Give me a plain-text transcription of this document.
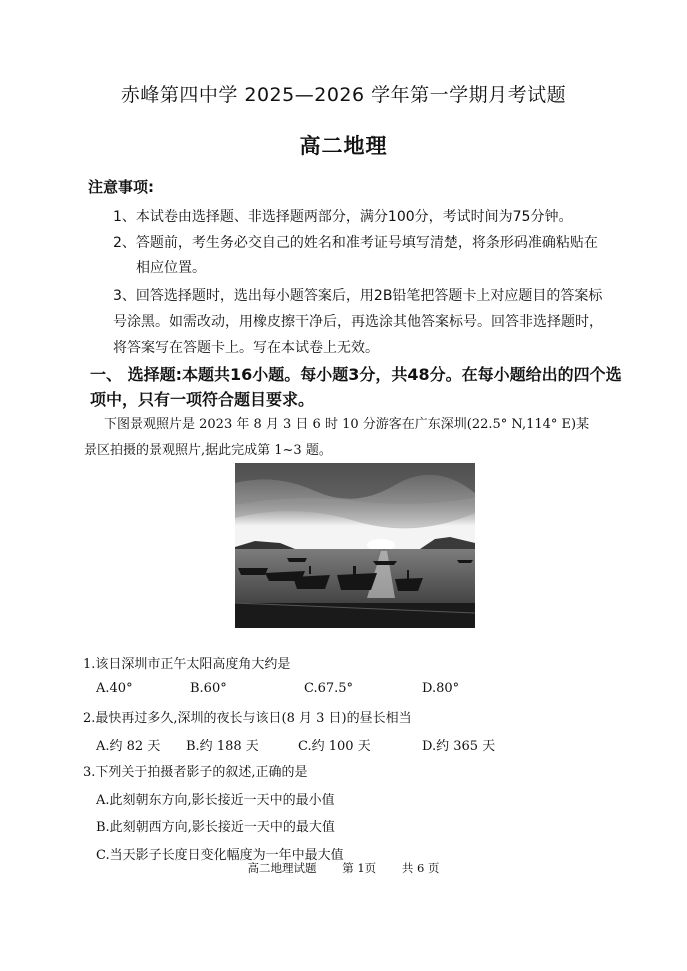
赤峰第四中学 2025—2026 学年第一学期月考试题
高二地理
注意事项:
1、本试卷由选择题、非选择题两部分，满分100分，考试时间为75分钟。
2、答题前，考生务必交自己的姓名和准考证号填写清楚，将条形码准确粘贴在
相应位置。
3、回答选择题时，选出每小题答案后，用2B铅笔把答题卡上对应题目的答案标
号涂黑。如需改动，用橡皮擦干净后，再选涂其他答案标号。回答非选择题时，
将答案写在答题卡上。写在本试卷上无效。
一、 选择题:本题共16小题。每小题3分，共48分。在每小题给出的四个选
项中，只有一项符合题目要求。
下图景观照片是 2023 年 8 月 3 日 6 时 10 分游客在广东深圳(22.5° N,114° E)某
景区拍摄的景观照片,据此完成第 1~3 题。
1.该日深圳市正午太阳高度角大约是
A.40°	B.60°	C.67.5°	D.80°
2.最快再过多久,深圳的夜长与该日(8 月 3 日)的昼长相当
A.约 82 天 B.约 188 天	C.约 100 天	D.约 365 天
3.下列关于拍摄者影子的叙述,正确的是
A.此刻朝东方向,影长接近一天中的最小值
B.此刻朝西方向,影长接近一天中的最大值
C.当天影子长度日变化幅度为一年中最大值
高二地理试题 第 1页 共 6 页
